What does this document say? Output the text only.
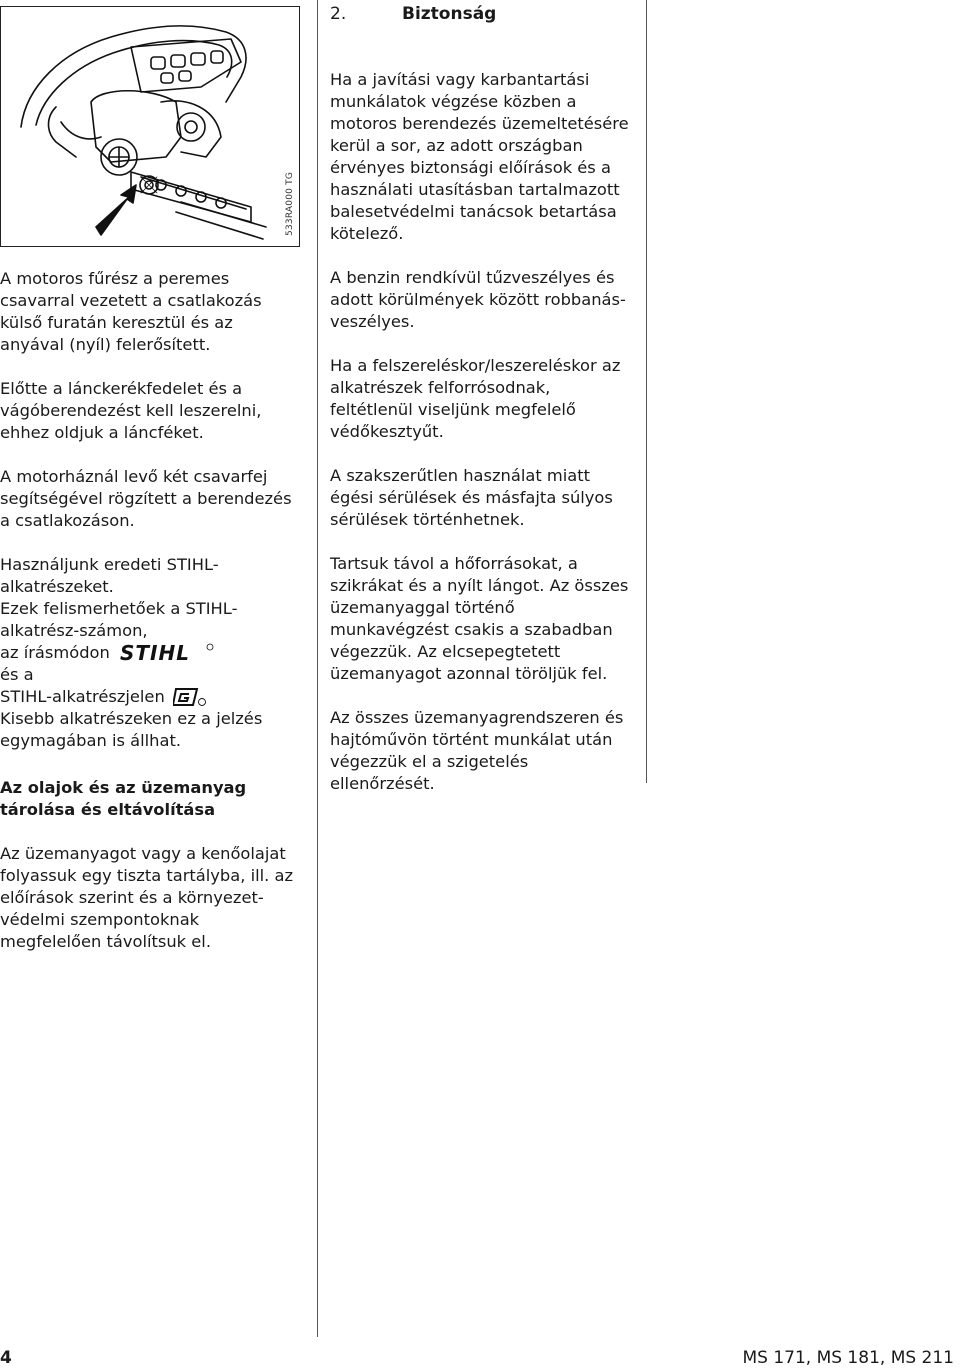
533RA000 TG
2.	Biztonság

A motoros fűrész a peremes csavarral vezetett a csatlakozás külső furatán keresztül és az anyával (nyíl) felerősített.

Előtte a lánckerékfedelet és a vágóberendezést kell leszerelni, ehhez oldjuk a láncféket.

A motorháznál levő két csavarfej segítségével rögzített a berendezés a csatlakozáson.

Használjunk eredeti STIHL-alkatrészeket.
Ezek felismerhetőek a STIHL-alkatrész-számon,
az írásmódon STIHL
és a
STIHL-alkatrészjelen
Kisebb alkatrészeken ez a jelzés egymagában is állhat.
Az olajok és az üzemanyag tárolása és eltávolítása

Az üzemanyagot vagy a kenőolajat folyassuk egy tiszta tartályba, ill. az előírások szerint és a környezet-védelmi szempontoknak megfelelően távolítsuk el.

Ha a javítási vagy karbantartási munkálatok végzése közben a motoros berendezés üzemeltetésére kerül a sor, az adott országban érvényes biztonsági előírások és a használati utasításban tartalmazott balesetvédelmi tanácsok betartása kötelező.

A benzin rendkívül tűzveszélyes és adott körülmények között robbanás-veszélyes.

Ha a felszereléskor/leszereléskor az alkatrészek felforrósodnak, feltétlenül viseljünk megfelelő védőkesztyűt.

A szakszerűtlen használat miatt égési sérülések és másfajta súlyos sérülések történhetnek.

Tartsuk távol a hőforrásokat, a szikrákat és a nyílt lángot. Az összes üzemanyaggal történő munkavégzést csakis a szabadban végezzük. Az elcsepegtetett üzemanyagot azonnal töröljük fel.

Az összes üzemanyagrendszeren és hajtóművön történt munkálat után végezzük el a szigetelés ellenőrzését.

4	MS 171, MS 181, MS 211
